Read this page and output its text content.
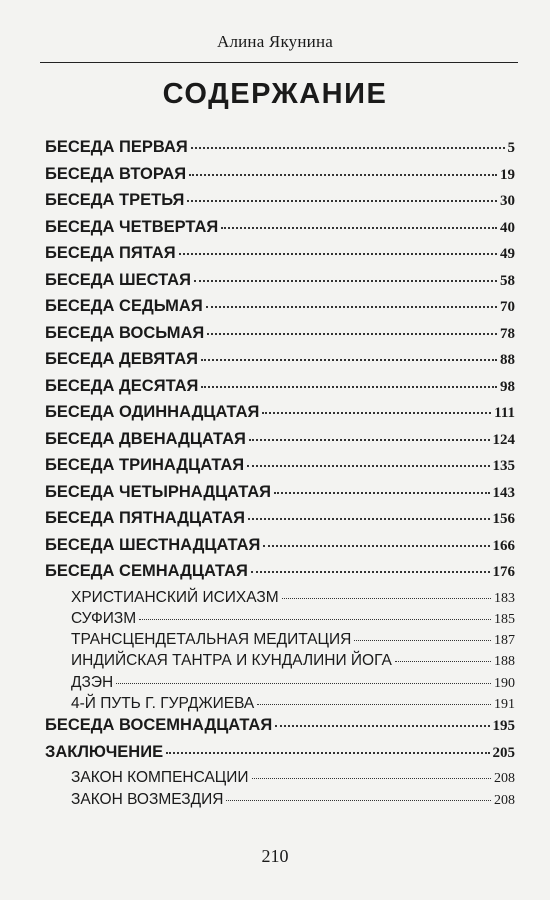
Алина Якунина
СОДЕРЖАНИЕ
БЕСЕДА ПЕРВАЯ	5
БЕСЕДА ВТОРАЯ	19
БЕСЕДА ТРЕТЬЯ	30
БЕСЕДА ЧЕТВЕРТАЯ	40
БЕСЕДА ПЯТАЯ	49
БЕСЕДА ШЕСТАЯ	58
БЕСЕДА СЕДЬМАЯ	70
БЕСЕДА ВОСЬМАЯ	78
БЕСЕДА ДЕВЯТАЯ	88
БЕСЕДА ДЕСЯТАЯ	98
БЕСЕДА ОДИННАДЦАТАЯ	111
БЕСЕДА ДВЕНАДЦАТАЯ	124
БЕСЕДА ТРИНАДЦАТАЯ	135
БЕСЕДА ЧЕТЫРНАДЦАТАЯ	143
БЕСЕДА ПЯТНАДЦАТАЯ	156
БЕСЕДА ШЕСТНАДЦАТАЯ	166
БЕСЕДА СЕМНАДЦАТАЯ	176
ХРИСТИАНСКИЙ ИСИХАЗМ	183
СУФИЗМ	185
ТРАНСЦЕНДЕТАЛЬНАЯ МЕДИТАЦИЯ	187
ИНДИЙСКАЯ ТАНТРА И КУНДАЛИНИ ЙОГА	188
ДЗЭН	190
4-Й ПУТЬ Г. ГУРДЖИЕВА	191
БЕСЕДА ВОСЕМНАДЦАТАЯ	195
ЗАКЛЮЧЕНИЕ	205
ЗАКОН КОМПЕНСАЦИИ	208
ЗАКОН ВОЗМЕЗДИЯ	208
210
